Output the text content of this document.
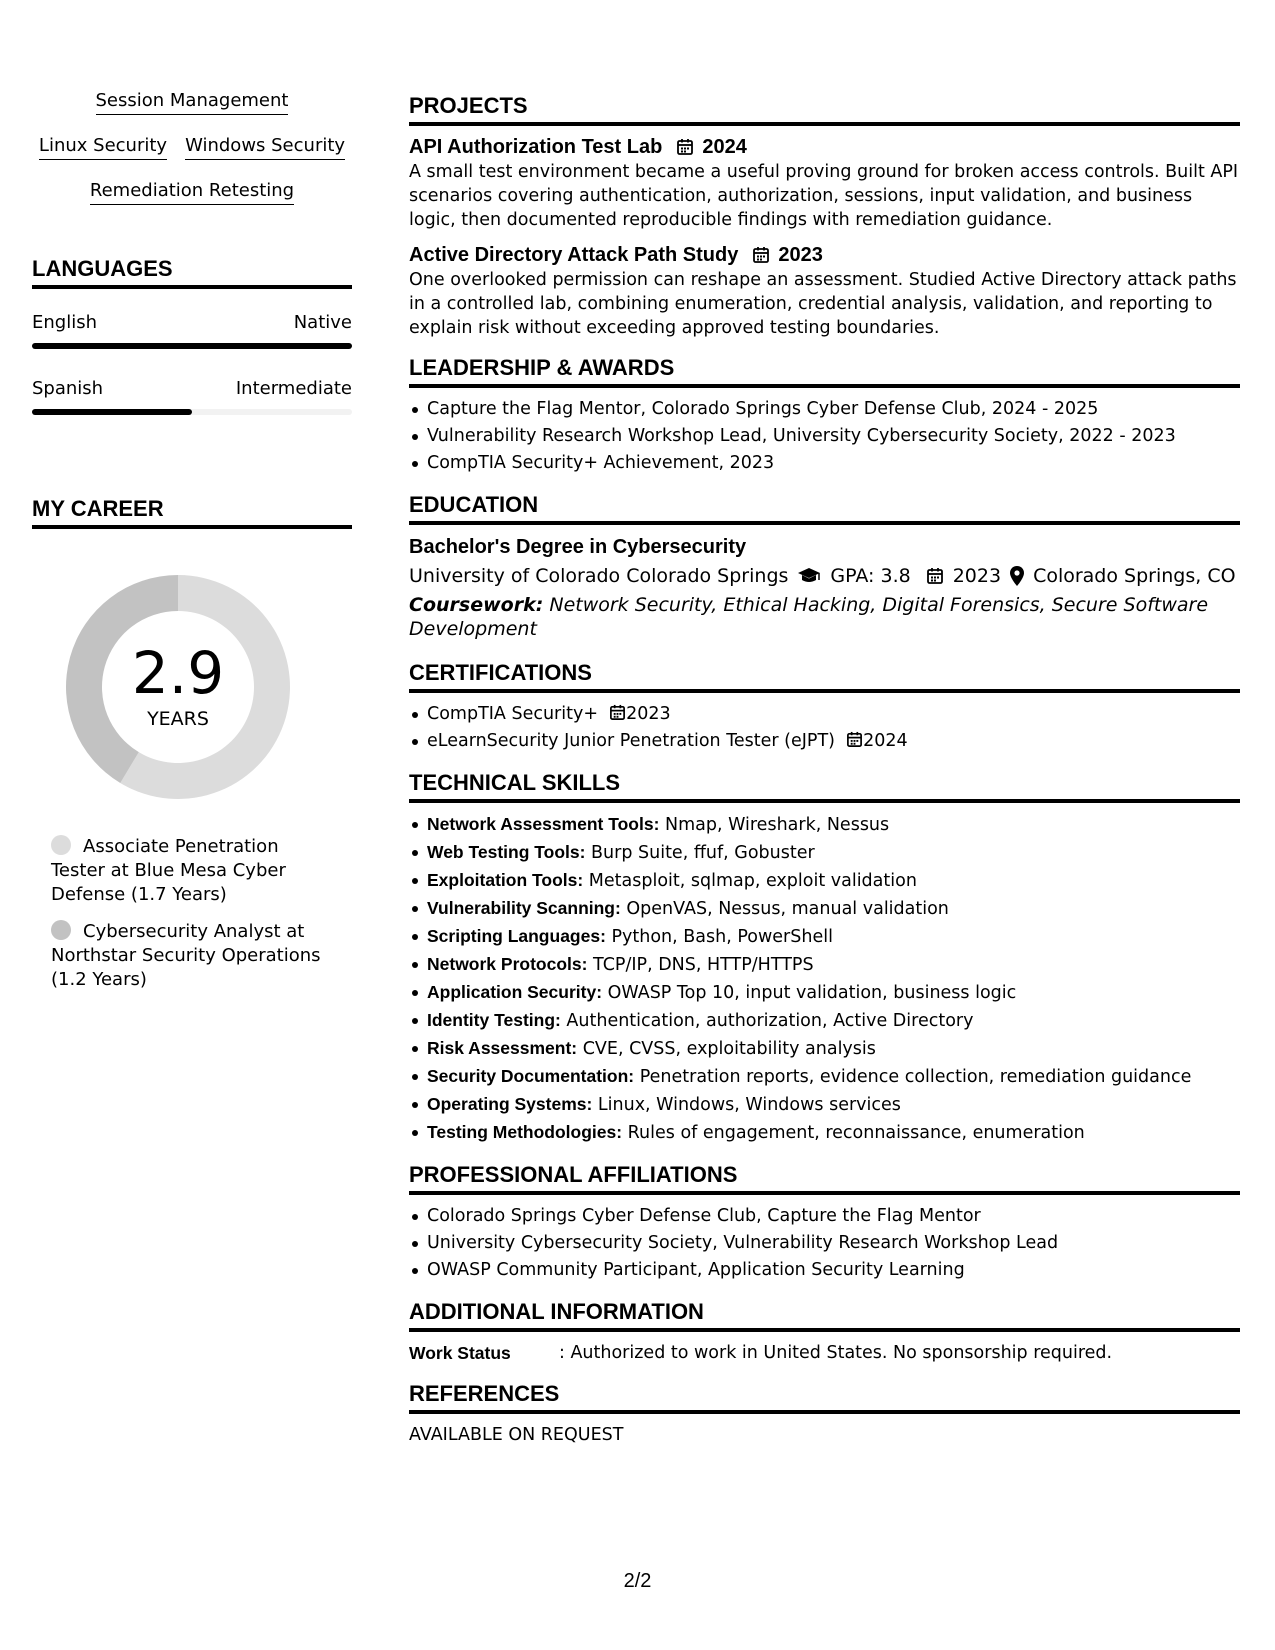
Session Management
Linux Security Windows Security
Remediation Retesting
LANGUAGES
English	Native
Spanish	Intermediate
MY CAREER
2.9
YEARS
Associate Penetration Tester at Blue Mesa Cyber Defense (1.7 Years)
Cybersecurity Analyst at Northstar Security Operations (1.2 Years)
PROJECTS
API Authorization Test Lab 2024
A small test environment became a useful proving ground for broken access controls. Built API scenarios covering authentication, authorization, sessions, input validation, and business logic, then documented reproducible findings with remediation guidance.
Active Directory Attack Path Study 2023
One overlooked permission can reshape an assessment. Studied Active Directory attack paths in a controlled lab, combining enumeration, credential analysis, validation, and reporting to explain risk without exceeding approved testing boundaries.
LEADERSHIP & AWARDS
Capture the Flag Mentor, Colorado Springs Cyber Defense Club, 2024 - 2025
Vulnerability Research Workshop Lead, University Cybersecurity Society, 2022 - 2023
CompTIA Security+ Achievement, 2023
EDUCATION
Bachelor's Degree in Cybersecurity
University of Colorado Colorado Springs GPA: 3.8 2023 Colorado Springs, CO
Coursework: Network Security, Ethical Hacking, Digital Forensics, Secure Software Development
CERTIFICATIONS
CompTIA Security+ 2023
eLearnSecurity Junior Penetration Tester (eJPT) 2024
TECHNICAL SKILLS
Network Assessment Tools: Nmap, Wireshark, Nessus
Web Testing Tools: Burp Suite, ffuf, Gobuster
Exploitation Tools: Metasploit, sqlmap, exploit validation
Vulnerability Scanning: OpenVAS, Nessus, manual validation
Scripting Languages: Python, Bash, PowerShell
Network Protocols: TCP/IP, DNS, HTTP/HTTPS
Application Security: OWASP Top 10, input validation, business logic
Identity Testing: Authentication, authorization, Active Directory
Risk Assessment: CVE, CVSS, exploitability analysis
Security Documentation: Penetration reports, evidence collection, remediation guidance
Operating Systems: Linux, Windows, Windows services
Testing Methodologies: Rules of engagement, reconnaissance, enumeration
PROFESSIONAL AFFILIATIONS
Colorado Springs Cyber Defense Club, Capture the Flag Mentor
University Cybersecurity Society, Vulnerability Research Workshop Lead
OWASP Community Participant, Application Security Learning
ADDITIONAL INFORMATION
Work Status	: Authorized to work in United States. No sponsorship required.
REFERENCES
AVAILABLE ON REQUEST
2/2
